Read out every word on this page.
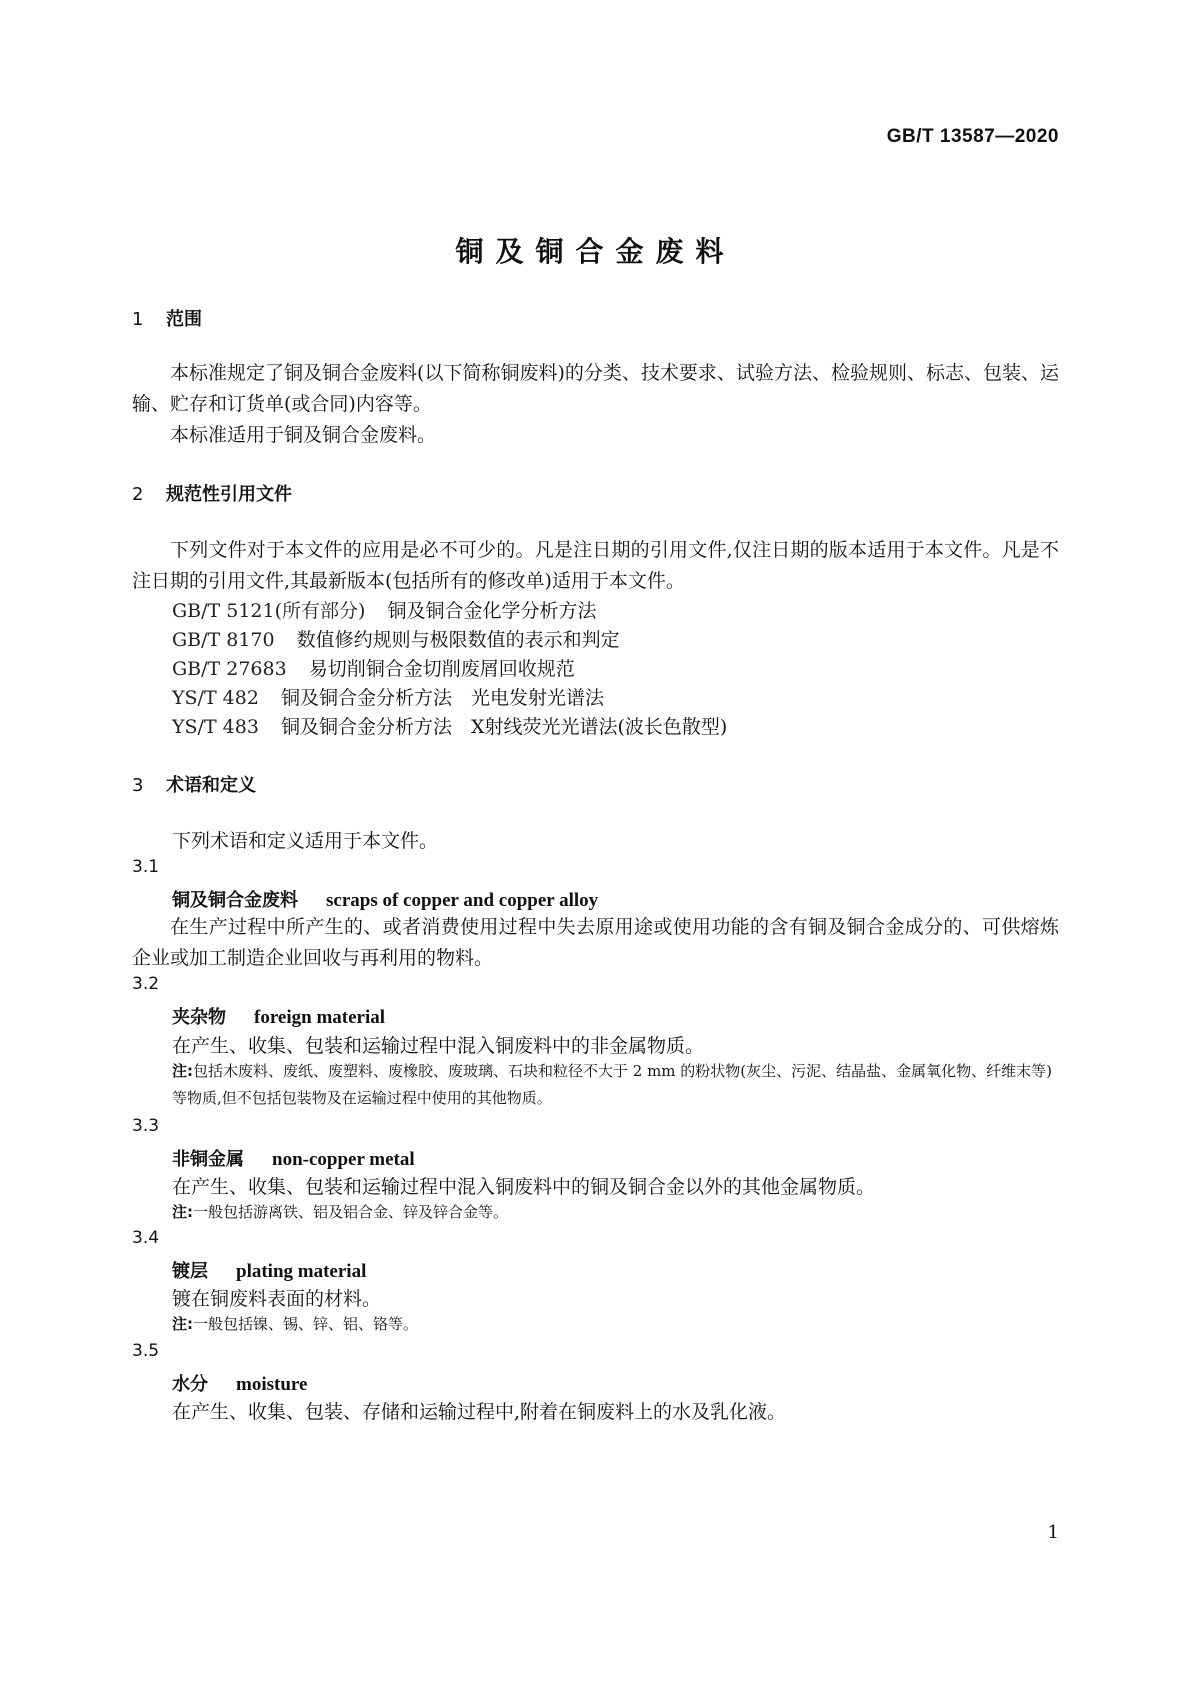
GB/T 13587—2020
铜及铜合金废料
1 范围
本标准规定了铜及铜合金废料(以下简称铜废料)的分类、技术要求、试验方法、检验规则、标志、包装、运输、贮存和订货单(或合同)内容等。
本标准适用于铜及铜合金废料。
2 规范性引用文件
下列文件对于本文件的应用是必不可少的。凡是注日期的引用文件,仅注日期的版本适用于本文件。凡是不注日期的引用文件,其最新版本(包括所有的修改单)适用于本文件。
GB/T 5121(所有部分) 铜及铜合金化学分析方法
GB/T 8170 数值修约规则与极限数值的表示和判定
GB/T 27683 易切削铜合金切削废屑回收规范
YS/T 482 铜及铜合金分析方法　光电发射光谱法
YS/T 483 铜及铜合金分析方法　X射线荧光光谱法(波长色散型)
3 术语和定义
下列术语和定义适用于本文件。
3.1
铜及铜合金废料 scraps of copper and copper alloy
在生产过程中所产生的、或者消费使用过程中失去原用途或使用功能的含有铜及铜合金成分的、可供熔炼企业或加工制造企业回收与再利用的物料。
3.2
夹杂物 foreign material
在产生、收集、包装和运输过程中混入铜废料中的非金属物质。
注:包括木废料、废纸、废塑料、废橡胶、废玻璃、石块和粒径不大于 2 mm 的粉状物(灰尘、污泥、结晶盐、金属氧化物、纤维末等)等物质,但不包括包装物及在运输过程中使用的其他物质。
3.3
非铜金属 non-copper metal
在产生、收集、包装和运输过程中混入铜废料中的铜及铜合金以外的其他金属物质。
注:一般包括游离铁、铝及铝合金、锌及锌合金等。
3.4
镀层 plating material
镀在铜废料表面的材料。
注:一般包括镍、锡、锌、铝、铬等。
3.5
水分 moisture
在产生、收集、包装、存储和运输过程中,附着在铜废料上的水及乳化液。
1
